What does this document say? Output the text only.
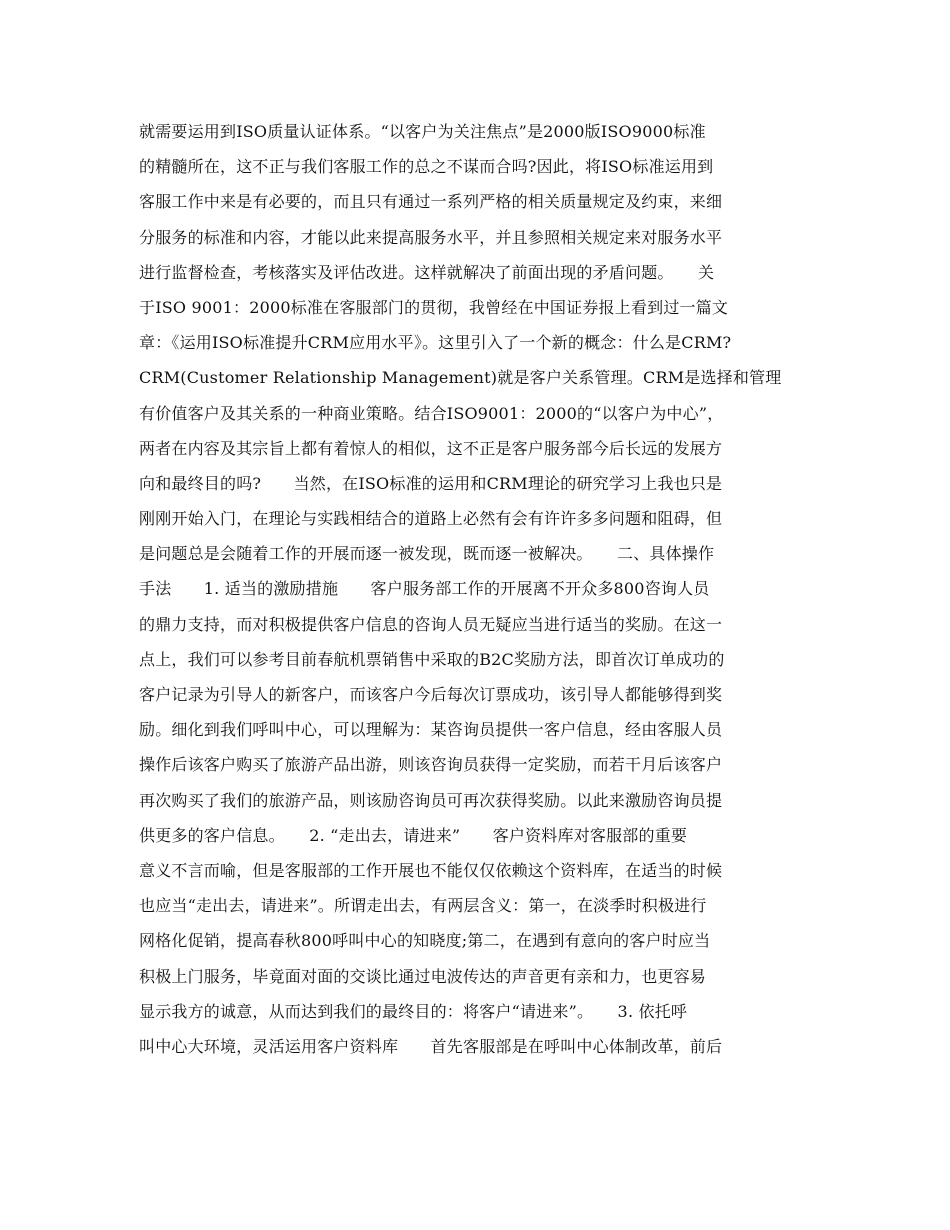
就需要运用到ISO质量认证体系。“以客户为关注焦点”是2000版ISO9000标准
的精髓所在，这不正与我们客服工作的总之不谋而合吗?因此，将ISO标准运用到
客服工作中来是有必要的，而且只有通过一系列严格的相关质量规定及约束，来细
分服务的标准和内容，才能以此来提高服务水平，并且参照相关规定来对服务水平
进行监督检查，考核落实及评估改进。这样就解决了前面出现的矛盾问题。　　关
于ISO 9001：2000标准在客服部门的贯彻，我曾经在中国证券报上看到过一篇文
章：《运用ISO标准提升CRM应用水平》。这里引入了一个新的概念：什么是CRM?
CRM(Customer Relationship Management)就是客户关系管理。CRM是选择和管理
有价值客户及其关系的一种商业策略。结合ISO9001：2000的“以客户为中心”，
两者在内容及其宗旨上都有着惊人的相似，这不正是客户服务部今后长远的发展方
向和最终目的吗?　　当然，在ISO标准的运用和CRM理论的研究学习上我也只是
刚刚开始入门，在理论与实践相结合的道路上必然有会有许许多多问题和阻碍，但
是问题总是会随着工作的开展而逐一被发现，既而逐一被解决。　　二、具体操作
手法　　1. 适当的激励措施　　客户服务部工作的开展离不开众多800咨询人员
的鼎力支持，而对积极提供客户信息的咨询人员无疑应当进行适当的奖励。在这一
点上，我们可以参考目前春航机票销售中采取的B2C奖励方法，即首次订单成功的
客户记录为引导人的新客户，而该客户今后每次订票成功，该引导人都能够得到奖
励。细化到我们呼叫中心，可以理解为：某咨询员提供一客户信息，经由客服人员
操作后该客户购买了旅游产品出游，则该咨询员获得一定奖励，而若干月后该客户
再次购买了我们的旅游产品，则该励咨询员可再次获得奖励。以此来激励咨询员提
供更多的客户信息。　　2. “走出去，请进来”　　客户资料库对客服部的重要
意义不言而喻，但是客服部的工作开展也不能仅仅依赖这个资料库，在适当的时候
也应当“走出去，请进来”。所谓走出去，有两层含义：第一，在淡季时积极进行
网格化促销，提高春秋800呼叫中心的知晓度;第二，在遇到有意向的客户时应当
积极上门服务，毕竟面对面的交谈比通过电波传达的声音更有亲和力，也更容易
显示我方的诚意，从而达到我们的最终目的：将客户“请进来”。　　3. 依托呼
叫中心大环境，灵活运用客户资料库　　首先客服部是在呼叫中心体制改革，前后
